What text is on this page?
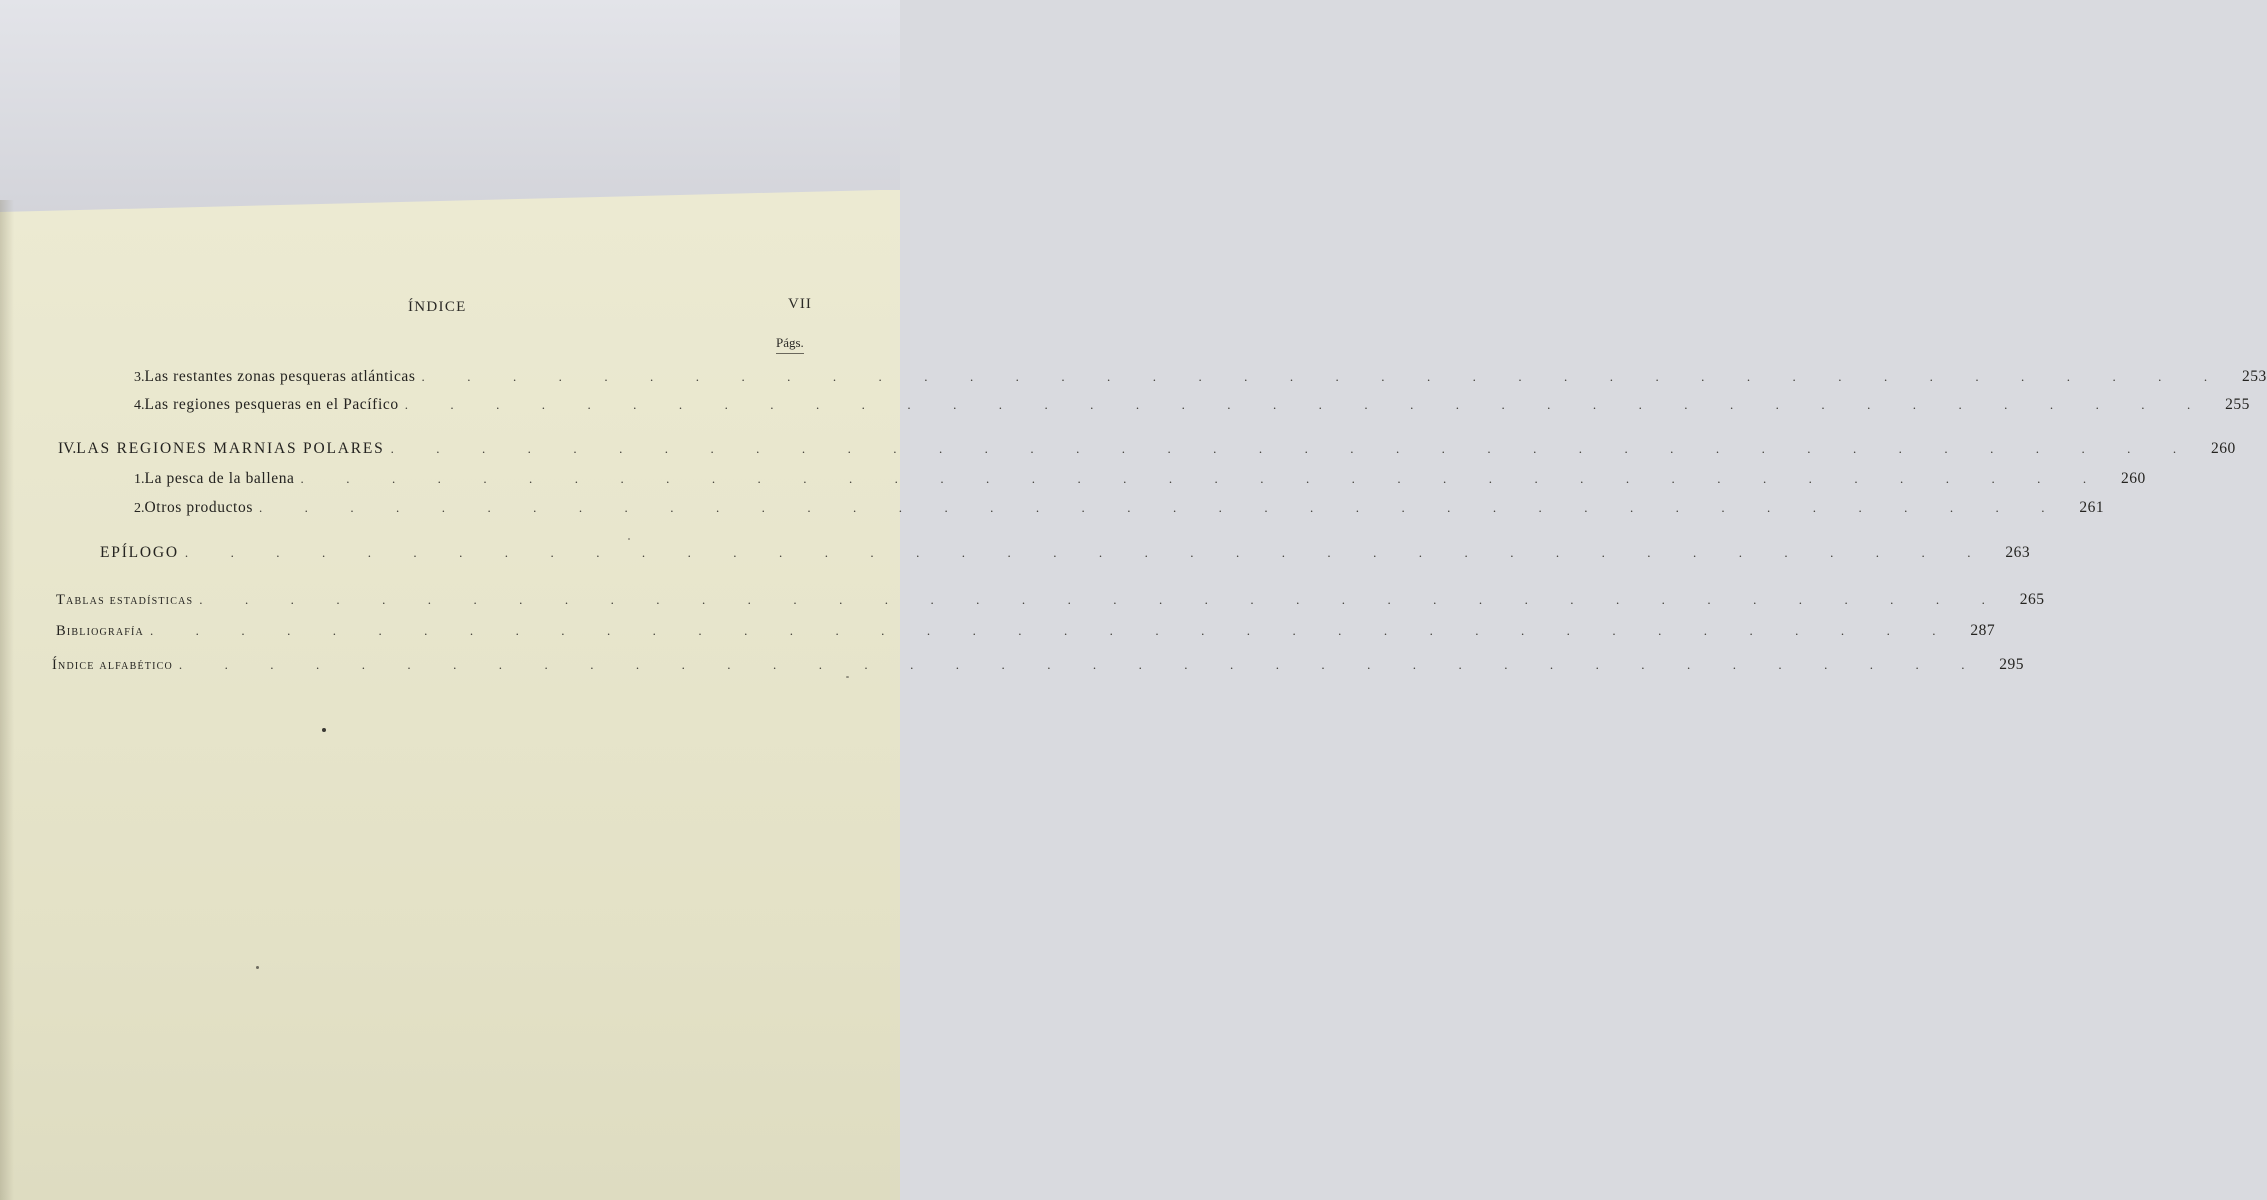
ÍNDICE	VII
Págs.
3. Las restantes zonas pesqueras atlánticas . . . . . . . . . . . . . . . . . . . . . . . . . . . . . . . . . . . . . . . . 253
4. Las regiones pesqueras en el Pacífico . . . . . . . . . . . . . . . . . . . . . . . . . . . . . . . . . . . . . . . . 255
IV. LAS REGIONES MARNIAS POLARES . . . . . . . . . . . . . . . . . . . . . . . . . . . . . . . . . . . . . . . . 260
1. La pesca de la ballena . . . . . . . . . . . . . . . . . . . . . . . . . . . . . . . . . . . . . . . . 260
2. Otros productos . . . . . . . . . . . . . . . . . . . . . . . . . . . . . . . . . . . . . . . . 261
EPÍLOGO . . . . . . . . . . . . . . . . . . . . . . . . . . . . . . . . . . . . . . . . 263
Tablas estadísticas . . . . . . . . . . . . . . . . . . . . . . . . . . . . . . . . . . . . . . . . 265
Bibliografía . . . . . . . . . . . . . . . . . . . . . . . . . . . . . . . . . . . . . . . . 287
Índice alfabético . . . . . . . . . . . . . . . . . . . . . . . . . . . . . . . . . . . . . . . . 295
